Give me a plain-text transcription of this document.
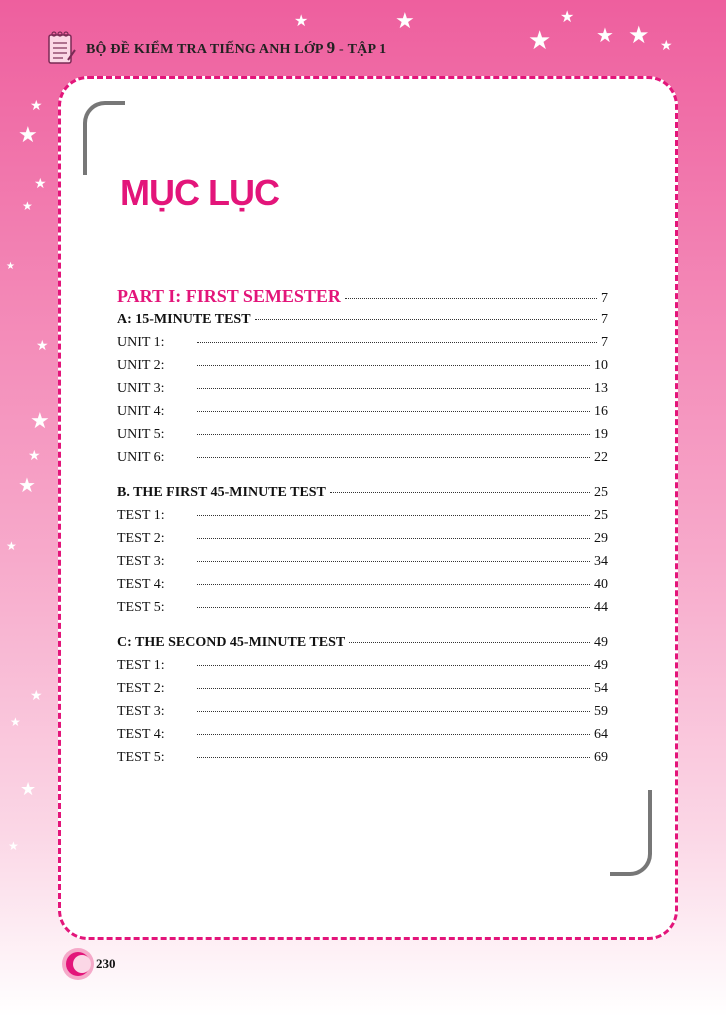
★	★	★
★ ★ ★ ★
★
★
★
★
★
★
★
★
★
★
★
★
★
★
BỘ ĐỀ KIỂM TRA TIẾNG ANH LỚP 9 - TẬP 1
MỤC LỤC
PART I: FIRST SEMESTER	7
A: 15-MINUTE TEST	7
UNIT 1:	7
UNIT 2:	10
UNIT 3:	13
UNIT 4:	16
UNIT 5:	19
UNIT 6:	22
B. THE FIRST 45-MINUTE TEST	25
TEST 1:	25
TEST 2:	29
TEST 3:	34
TEST 4:	40
TEST 5:	44
C: THE SECOND 45-MINUTE TEST	49
TEST 1:	49
TEST 2:	54
TEST 3:	59
TEST 4:	64
TEST 5:	69
230
